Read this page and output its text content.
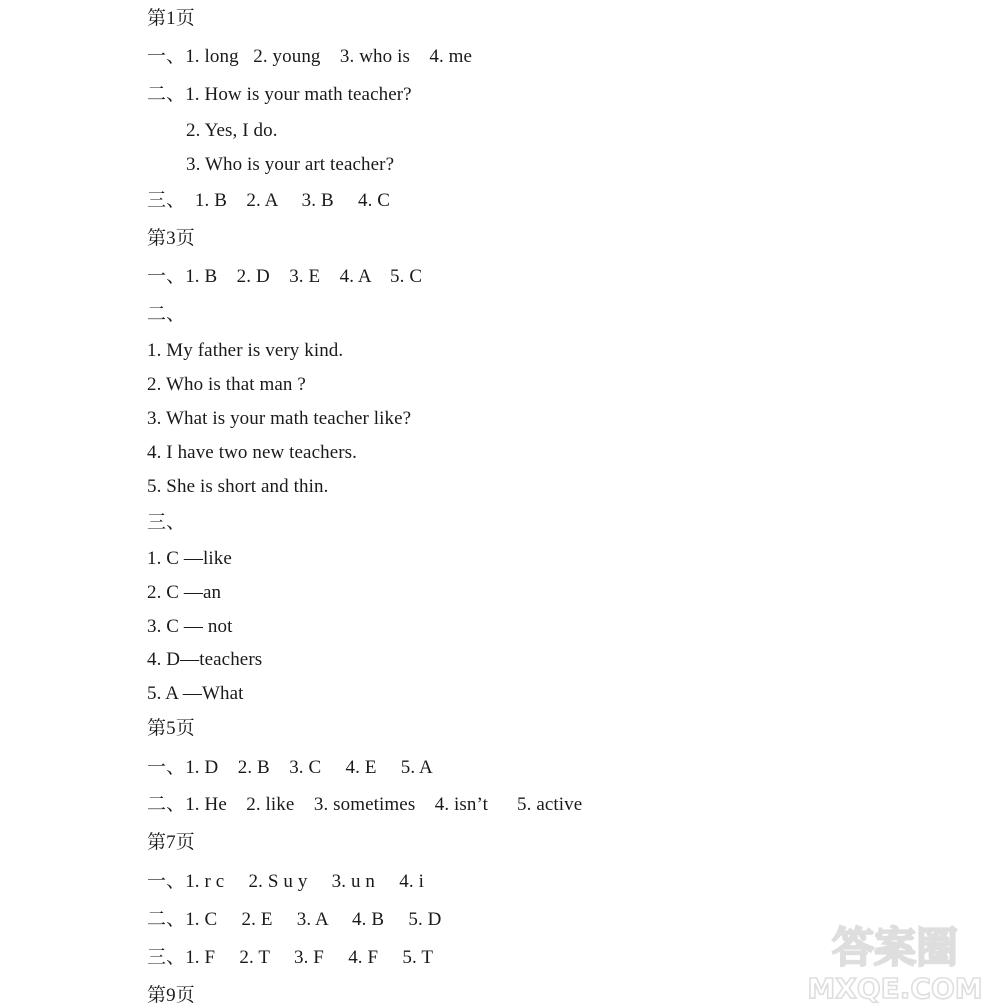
第1页
一、1. long   2. young    3. who is    4. me
二、1. How is your math teacher?
2. Yes, I do.
3. Who is your art teacher?
三、  1. B    2. A     3. B     4. C
第3页
一、1. B    2. D    3. E    4. A    5. C
二、
1. My father is very kind.
2. Who is that man ?
3. What is your math teacher like?
4. I have two new teachers.
5. She is short and thin.
三、
1. C —like
2. C —an
3. C — not
4. D—teachers
5. A —What
第5页
一、1. D    2. B    3. C     4. E     5. A
二、1. He    2. like    3. sometimes    4. isn’t      5. active
第7页
一、1. r c     2. S u y     3. u n     4. i
二、1. C     2. E     3. A     4. B     5. D
三、1. F     2. T     3. F     4. F     5. T
第9页
答案圈
MXQE.COM
